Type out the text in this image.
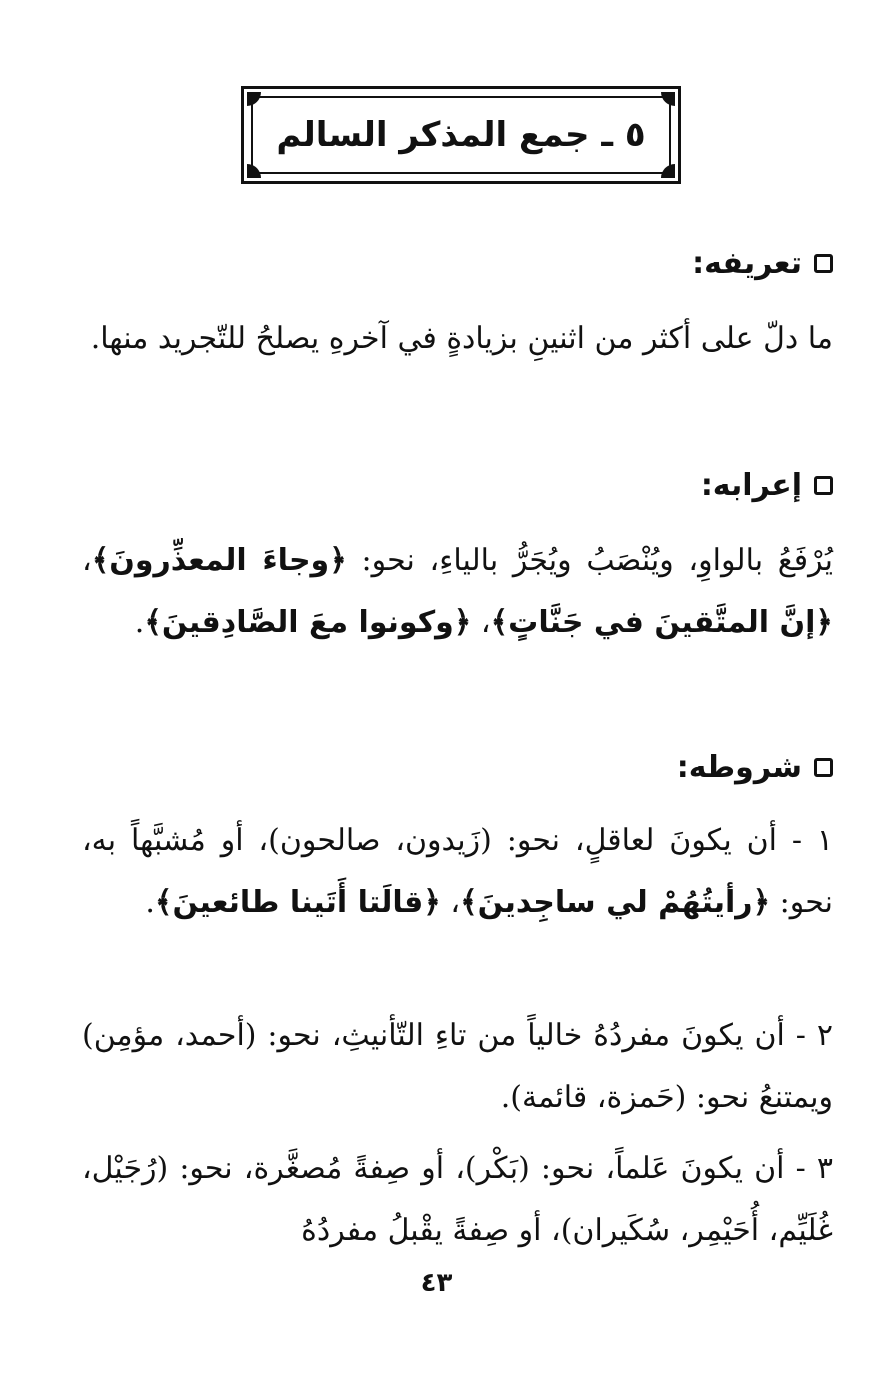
٥ ـ جمع المذكر السالم
تعريفه:

ما دلّ على أكثر من اثنينِ بزيادةٍ في آخرهِ يصلحُ للتّجريد منها.

إعرابه:

يُرْفَعُ بالواوِ، ويُنْصَبُ ويُجَرُّ بالياءِ، نحو: ﴿وجاءَ المعذِّرونَ﴾، ﴿إنَّ المتَّقينَ في جَنَّاتٍ﴾، ﴿وكونوا معَ الصَّادِقينَ﴾.

شروطه:

١ - أن يكونَ لعاقلٍ، نحو: (زَيدون، صالحون)، أو مُشبَّهاً به، نحو: ﴿رأيتُهُمْ لي ساجِدينَ﴾، ﴿قالَتا أَتَينا طائعينَ﴾.

٢ - أن يكونَ مفردُهُ خالياً من تاءِ التّأنيثِ، نحو: (أحمد، مؤمِن) ويمتنعُ نحو: (حَمزة، قائمة).

٣ - أن يكونَ عَلماً، نحو: (بَكْر)، أو صِفةً مُصغَّرة، نحو: (رُجَيْل، غُلَيِّم، أُحَيْمِر، سُكَيران)، أو صِفةً يقْبلُ مفردُهُ

٤٣
